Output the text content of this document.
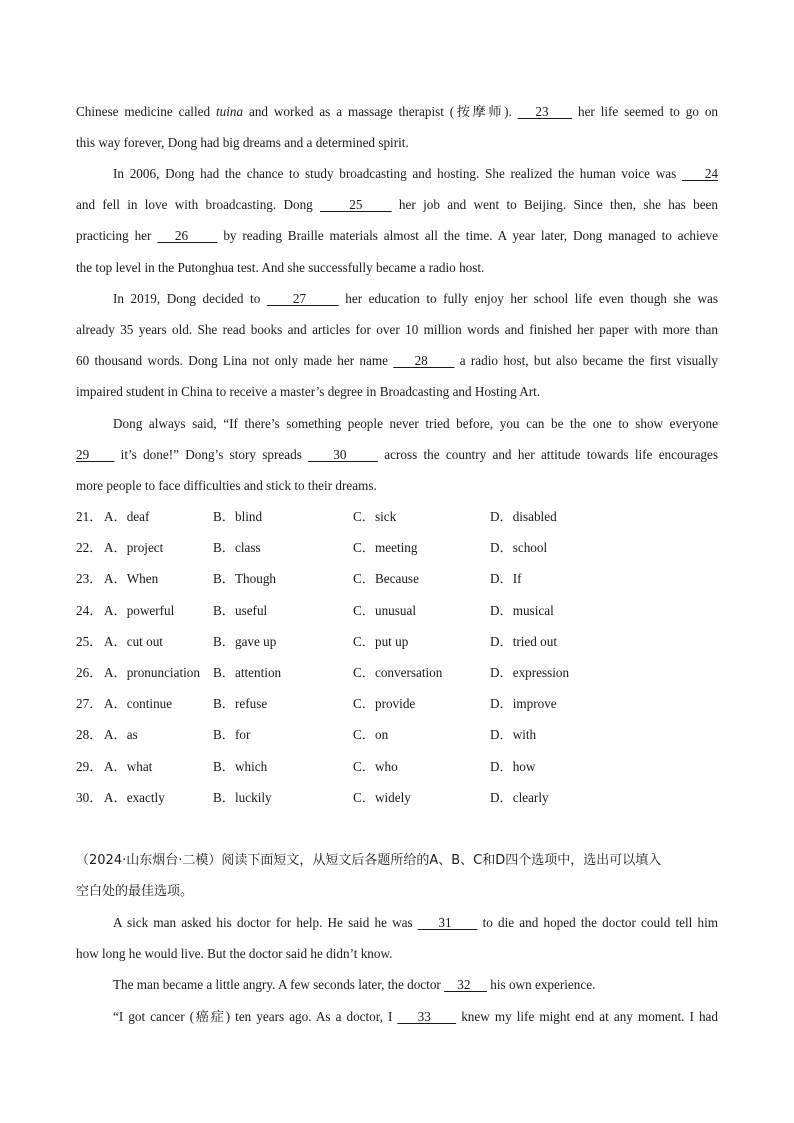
Chinese medicine called tuina and worked as a massage therapist (按摩师).    23     her life seemed to go on
this way forever, Dong had big dreams and a determined spirit.
In 2006, Dong had the chance to study broadcasting and hosting. She realized the human voice was     24
and fell in love with broadcasting. Dong     25     her job and went to Beijing. Since then, she has been
practicing her    26      by reading Braille materials almost all the time. A year later, Dong managed to achieve
the top level in the Putonghua test. And she successfully became a radio host.
In 2019, Dong decided to     27      her education to fully enjoy her school life even though she was
already 35 years old. She read books and articles for over 10 million words and finished her paper with more than
60 thousand words. Dong Lina not only made her name     28      a radio host, but also became the first visually
impaired student in China to receive a master’s degree in Broadcasting and Hosting Art.
Dong always said, “If there’s something people never tried before, you can be the one to show everyone
29     it’s done!” Dong’s story spreads     30      across the country and her attitude towards life encourages
more people to face difficulties and stick to their dreams.
21． A．deaf	B．blind	C．sick	D．disabled
22． A．project	B．class	C．meeting	D．school
23． A．When	B．Though	C．Because	D．If
24． A．powerful	B．useful	C．unusual	D．musical
25． A．cut out	B．gave up	C．put up	D．tried out
26． A．pronunciation B．attention	C．conversation	D．expression
27． A．continue	B．refuse	C．provide	D．improve
28． A．as	B．for	C．on	D．with
29． A．what	B．which	C．who	D．how
30． A．exactly	B．luckily	C．widely	D．clearly
（2024·山东烟台·二模）阅读下面短文，从短文后各题所给的A、B、C和D四个选项中，选出可以填入
空白处的最佳选项。
A sick man asked his doctor for help. He said he was     31      to die and hoped the doctor could tell him
how long he would live. But the doctor said he didn’t know.
The man became a little angry. A few seconds later, the doctor     32      his own experience.
“I got cancer (癌症) ten years ago. As a doctor, I     33      knew my life might end at any moment. I had
